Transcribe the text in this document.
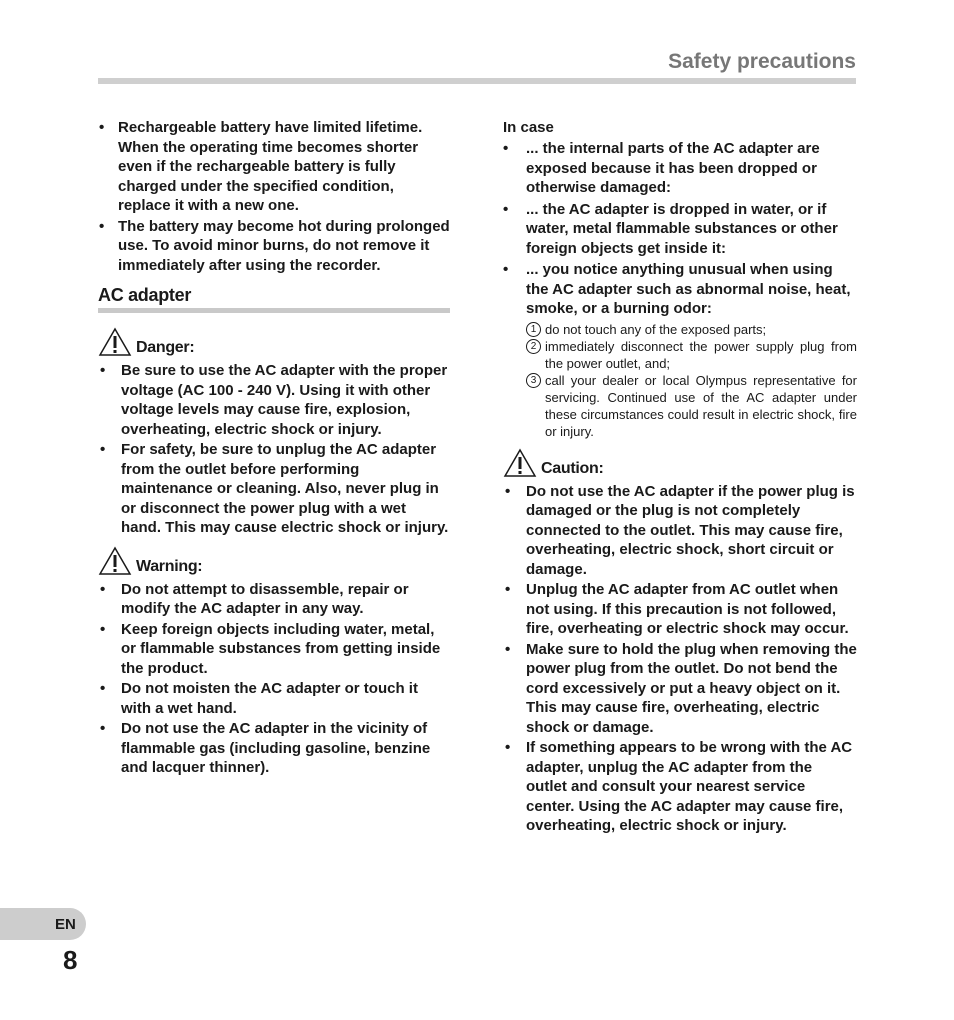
Safety precautions
• Rechargeable battery have limited lifetime. When the operating time becomes shorter even if the rechargeable battery is fully charged under the specified condition, replace it with a new one.
• The battery may become hot during prolonged use. To avoid minor burns, do not remove it immediately after using the recorder.
AC adapter
Danger:
• Be sure to use the AC adapter with the proper voltage (AC 100 - 240 V). Using it with other voltage levels may cause fire, explosion, overheating, electric shock or injury.
• For safety, be sure to unplug the AC adapter from the outlet before performing maintenance or cleaning. Also, never plug in or disconnect the power plug with a wet hand. This may cause electric shock or injury.
Warning:
• Do not attempt to disassemble, repair or modify the AC adapter in any way.
• Keep foreign objects including water, metal, or flammable substances from getting inside the product.
• Do not moisten the AC adapter or touch it with a wet hand.
• Do not use the AC adapter in the vicinity of flammable gas (including gasoline, benzine and lacquer thinner).
In case
• ... the internal parts of the AC adapter are exposed because it has been dropped or otherwise damaged:
• ... the AC adapter is dropped in water, or if water, metal flammable substances or other foreign objects get inside it:
• ... you notice anything unusual when using the AC adapter such as abnormal noise, heat, smoke, or a burning odor:
1 do not touch any of the exposed parts;
2 immediately disconnect the power supply plug from the power outlet, and;
3 call your dealer or local Olympus representative for servicing. Continued use of the AC adapter under these circumstances could result in electric shock, fire or injury.
Caution:
• Do not use the AC adapter if the power plug is damaged or the plug is not completely connected to the outlet. This may cause fire, overheating, electric shock, short circuit or damage.
• Unplug the AC adapter from AC outlet when not using. If this precaution is not followed, fire, overheating or electric shock may occur.
• Make sure to hold the plug when removing the power plug from the outlet. Do not bend the cord excessively or put a heavy object on it. This may cause fire, overheating, electric shock or damage.
• If something appears to be wrong with the AC adapter, unplug the AC adapter from the outlet and consult your nearest service center. Using the AC adapter may cause fire, overheating, electric shock or injury.
EN
8
